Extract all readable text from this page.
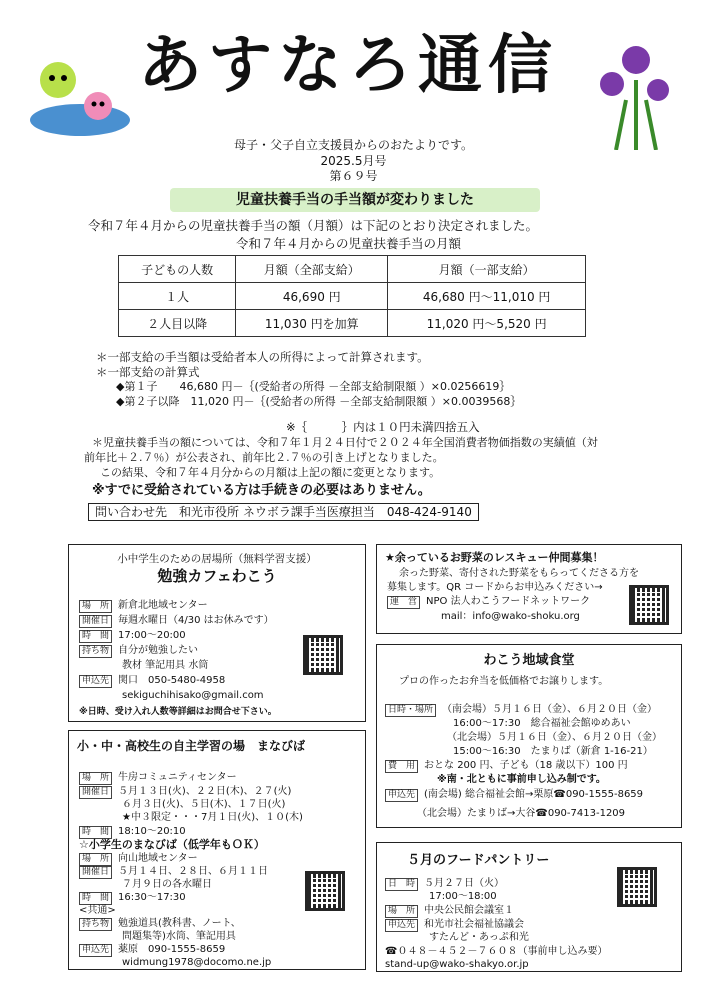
あすなろ通信
母子・父子自立支援員からのおたよりです。
2025.5月号
第６９号
児童扶養手当の手当額が変わりました
令和７年４月からの児童扶養手当の額（月額）は下記のとおり決定されました。
令和７年４月からの児童扶養手当の月額
子どもの人数	月額（全部支給）	月額（一部支給）
１人	46,690 円	46,680 円～11,010 円
２人目以降	11,030 円を加算	11,020 円～5,520 円
＊一部支給の手当額は受給者本人の所得によって計算されます。
＊一部支給の計算式
◆第１子　　46,680 円－｛(受給者の所得 －全部支給制限額 ）×0.0256619｝
◆第２子以降　11,020 円－｛(受給者の所得 －全部支給制限額 ）×0.0039568｝
※｛　　　｝内は１０円未満四捨五入
＊児童扶養手当の額については、令和７年１月２４日付で２０２４年全国消費者物価指数の実績値（対
前年比＋２.７％）が公表され、前年比２.７％の引き上げとなりました。
この結果、令和７年４月分からの月額は上記の額に変更となります。
※すでに受給されている方は手続きの必要はありません。
問い合わせ先　和光市役所 ネウボラ課手当医療担当　048-424-9140
小中学生のための居場所（無料学習支援）
勉強カフェわこう
場　所 新倉北地域センター
開催日 毎週水曜日（4/30 はお休みです）
時　間 17:00～20:00
持ち物 自分が勉強したい
教材 筆記用具 水筒
申込先 関口　050-5480-4958
sekiguchihisako@gmail.com
※日時、受け入れ人数等詳細はお問合せ下さい。
小・中・高校生の自主学習の場　まなびば
場　所 牛房コミュニティセンター
開催日 ５月１３日(火)、２２日(木)、２７(火)
６月３日(火)、５日(木)、１７日(火)
★中３限定・・・7月１日(火)、１０(木)
時　間 18:10～20:10
☆小学生のまなびば（低学年もＯＫ）
場　所 向山地域センター
開催日 ５月１４日、２８日、６月１１日
７月９日の各水曜日
時　間 16:30～17:30
<共通>
持ち物 勉強道具(教科書、ノート、
問題集等)水筒、筆記用具
申込先 薬原　090-1555-8659
widmung1978@docomo.ne.jp
★余っているお野菜のレスキュー仲間募集！
余った野菜、寄付された野菜をもらってくださる方を
募集します。QR コードからお申込みください→
運　営 NPO 法人わこうフードネットワーク
mail：info@wako-shoku.org
わこう地域食堂
プロの作ったお弁当を低価格でお譲りします。
日時・場所 （南会場）５月１６日（金）、６月２０日（金）
16:00～17:30　総合福祉会館ゆめあい
（北会場）５月１６日（金）、６月２０日（金）
15:00～16:30　たまりば（新倉 1-16-21）
費　用 おとな 200 円、子ども（18 歳以下）100 円
※南・北ともに事前申し込み制です。
申込先 (南会場) 総合福祉会館→栗原☎090-1555-8659
（北会場）たまりば→大谷☎090-7413-1209
５月のフードパントリー
日　時 ５月２７日（火）
17:00～18:00
場　所 中央公民館会議室１
申込先 和光市社会福祉協議会
すたんど・あっぷ和光
☎０４８－４５２－７６０８（事前申し込み要）
stand-up@wako-shakyo.or.jp
